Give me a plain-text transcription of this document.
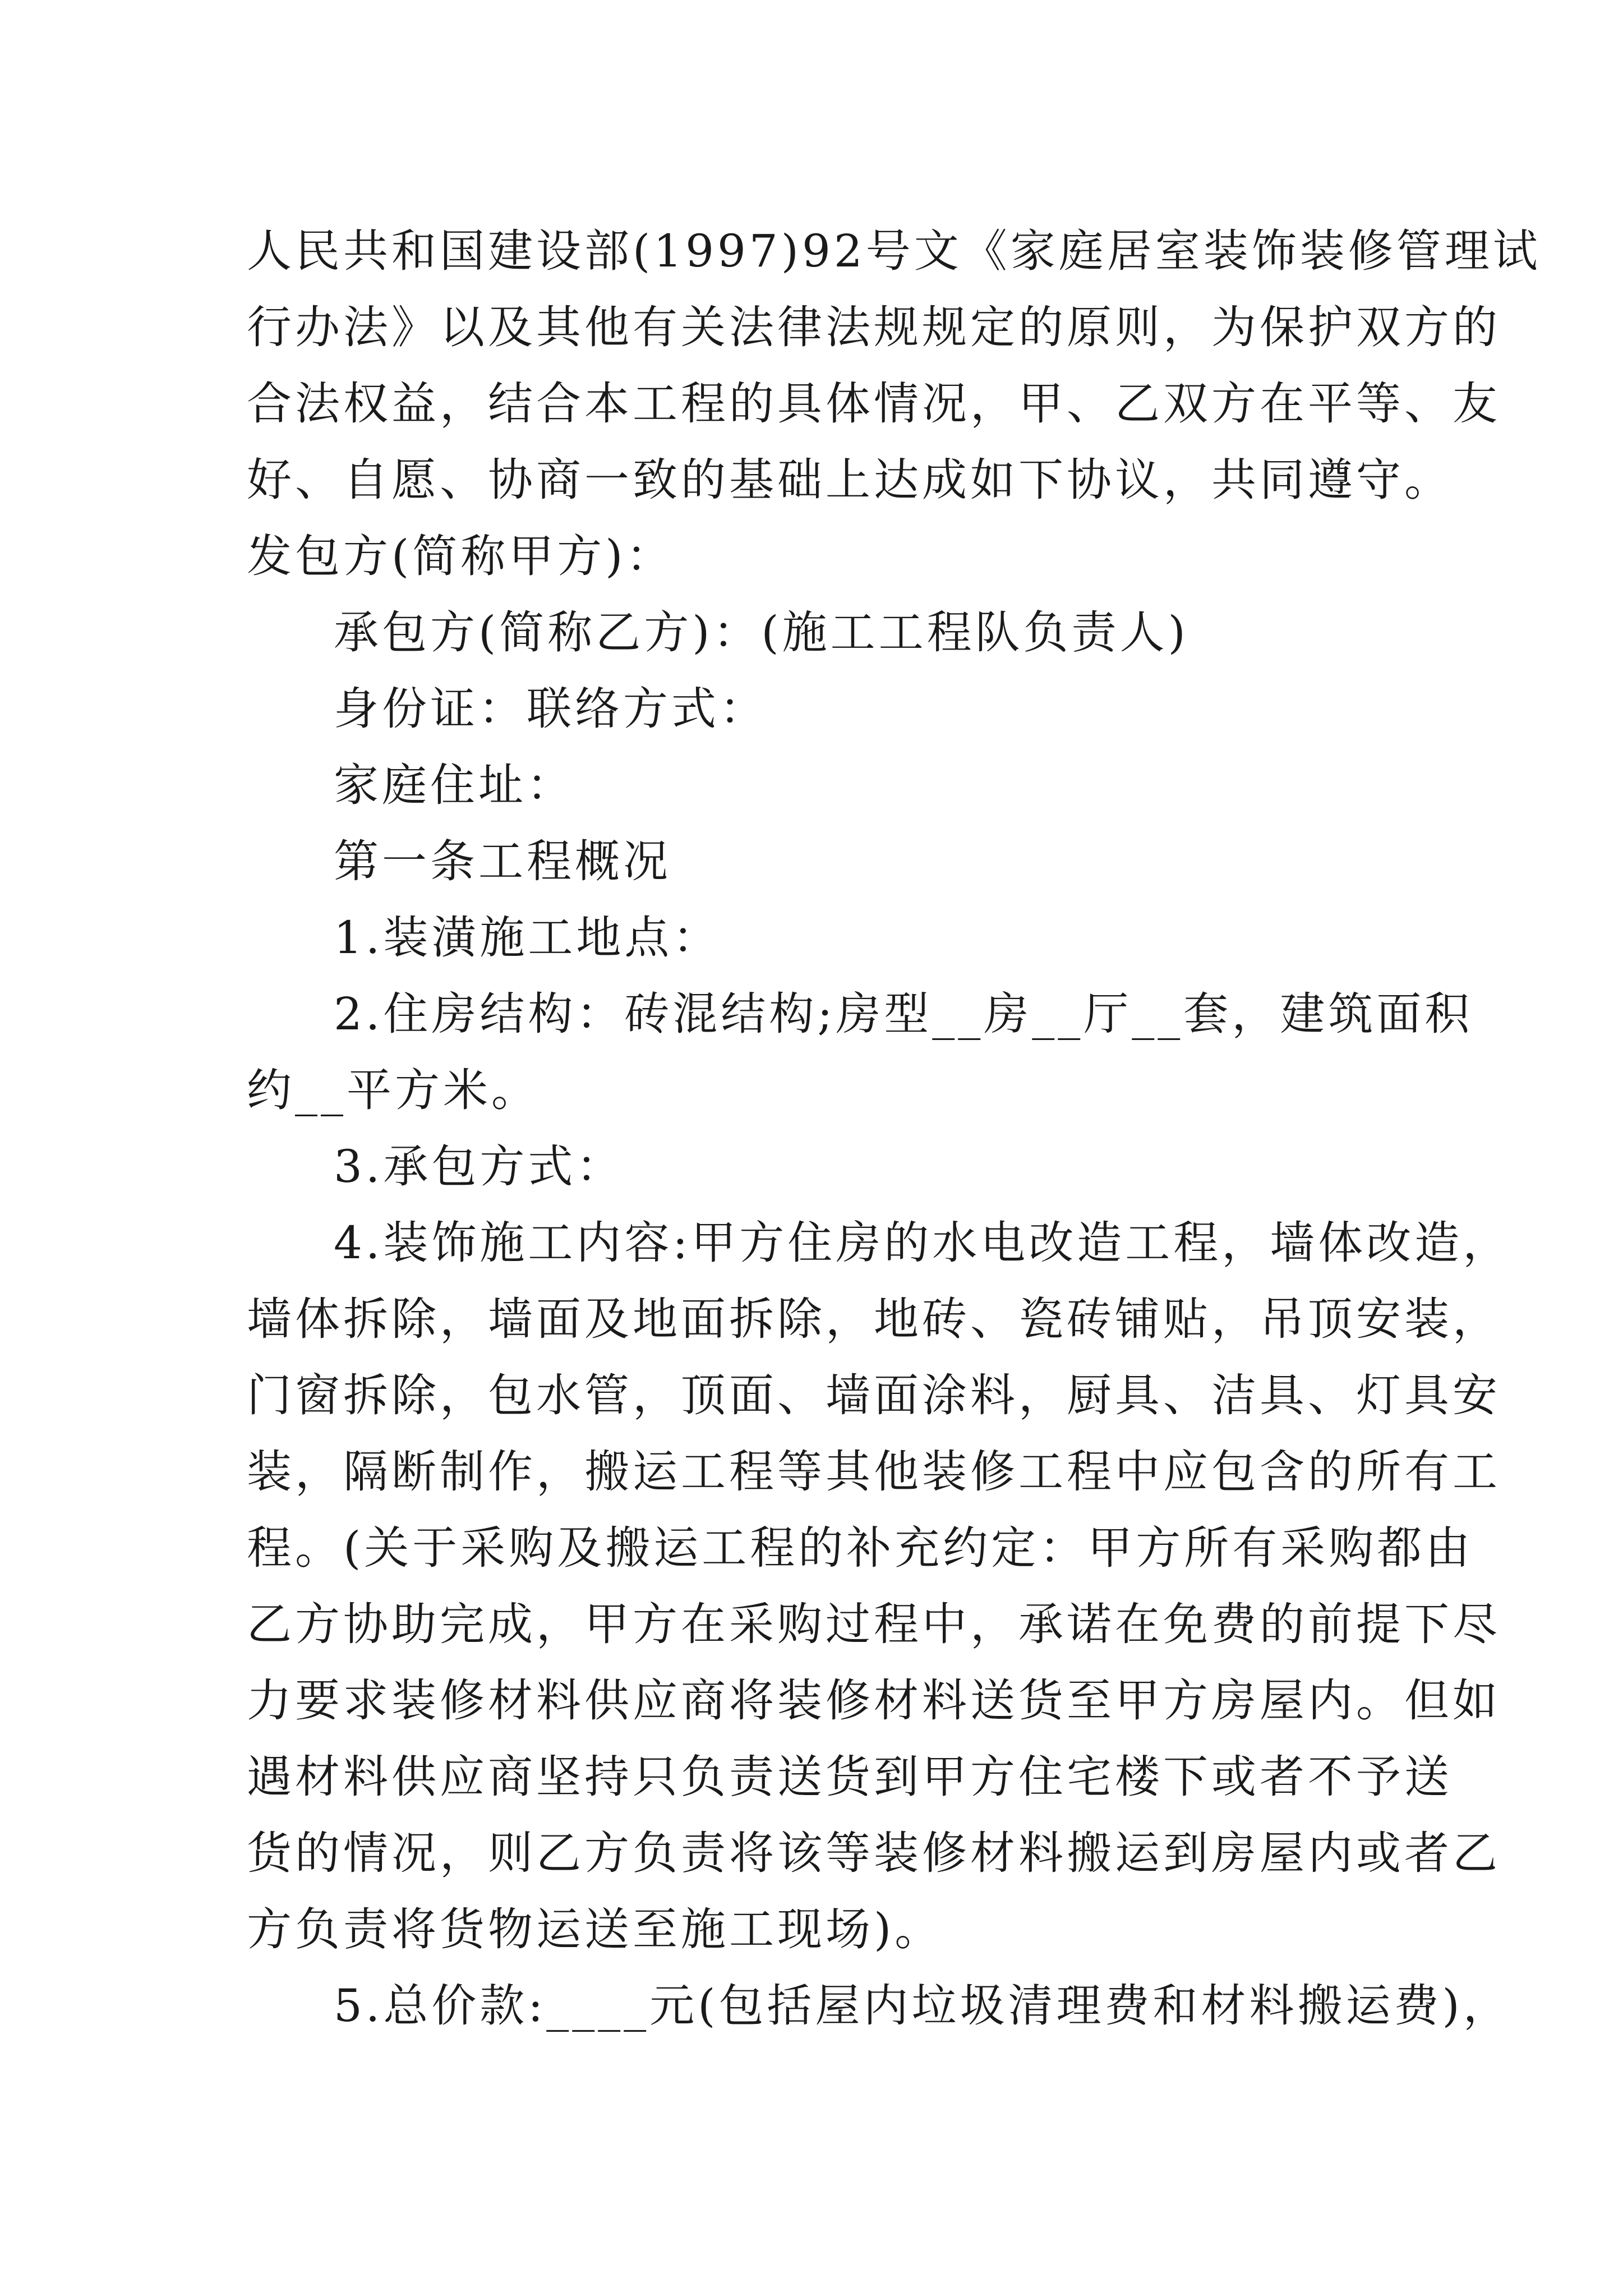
人民共和国建设部(1997)92号文《家庭居室装饰装修管理试
行办法》以及其他有关法律法规规定的原则，为保护双方的
合法权益，结合本工程的具体情况，甲、乙双方在平等、友
好、自愿、协商一致的基础上达成如下协议，共同遵守。
发包方(简称甲方)：
承包方(简称乙方)：(施工工程队负责人)
身份证：联络方式：
家庭住址：
第一条工程概况
1.装潢施工地点：
2.住房结构：砖混结构;房型__房__厅__套，建筑面积
约__平方米。
3.承包方式：
4.装饰施工内容:甲方住房的水电改造工程，墙体改造，
墙体拆除，墙面及地面拆除，地砖、瓷砖铺贴，吊顶安装，
门窗拆除，包水管，顶面、墙面涂料，厨具、洁具、灯具安
装，隔断制作，搬运工程等其他装修工程中应包含的所有工
程。(关于采购及搬运工程的补充约定：甲方所有采购都由
乙方协助完成，甲方在采购过程中，承诺在免费的前提下尽
力要求装修材料供应商将装修材料送货至甲方房屋内。但如
遇材料供应商坚持只负责送货到甲方住宅楼下或者不予送
货的情况，则乙方负责将该等装修材料搬运到房屋内或者乙
方负责将货物运送至施工现场)。
5.总价款:____元(包括屋内垃圾清理费和材料搬运费)，
